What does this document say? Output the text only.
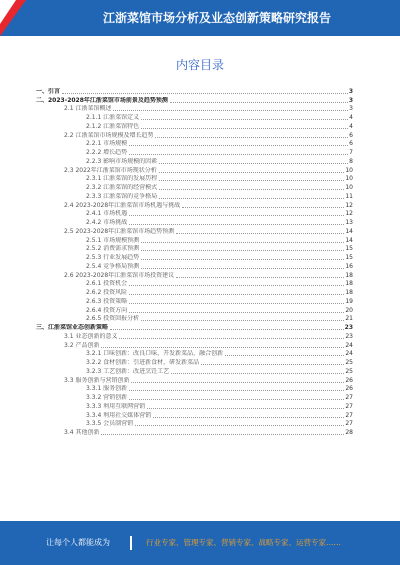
江浙菜馆市场分析及业态创新策略研究报告
内容目录
一、引言	3
二、2023-2028年江浙菜馆市场前景及趋势预测	3
2.1 江浙菜馆概述	3
2.1.1 江浙菜馆定义	4
2.1.2 江浙菜馆特色	4
2.2 江浙菜馆市场规模及增长趋势	6
2.2.1 市场规模	6
2.2.2 增长趋势	7
2.2.3 影响市场规模的因素	8
2.3 2022年江浙菜馆市场现状分析	10
2.3.1 江浙菜馆的发展历程	10
2.3.2 江浙菜馆的经营模式	10
2.3.3 江浙菜馆的竞争格局	11
2.4 2023-2028年江浙菜馆市场机遇与挑战	12
2.4.1 市场机遇	12
2.4.2 市场挑战	13
2.5 2023-2028年江浙菜馆市场趋势预测	14
2.5.1 市场规模预测	14
2.5.2 消费需求预测	15
2.5.3 行业发展趋势	15
2.5.4 竞争格局预测	16
2.6 2023-2028年江浙菜馆市场投资建议	18
2.6.1 投资机会	18
2.6.2 投资风险	18
2.6.3 投资策略	19
2.6.4 投资方向	20
2.6.5 投资回报分析	21
三、江浙菜馆业态创新策略	23
3.1 业态创新的意义	23
3.2 产品创新	24
3.2.1 口味创新：改良口味，开发新菜品，融合创新	24
3.2.2 食材创新：引进新食材，研发新菜品	25
3.2.3 工艺创新：改进烹饪工艺	25
3.3 服务创新与营销创新	26
3.3.1 服务创新	26
3.3.2 营销创新	27
3.3.3 利用互联网营销	27
3.3.4 利用社交媒体营销	27
3.3.5 会员制营销	27
3.4 其他创新	28
让每个人都能成为	行业专家、管理专家、营销专家、战略专家、运营专家……
